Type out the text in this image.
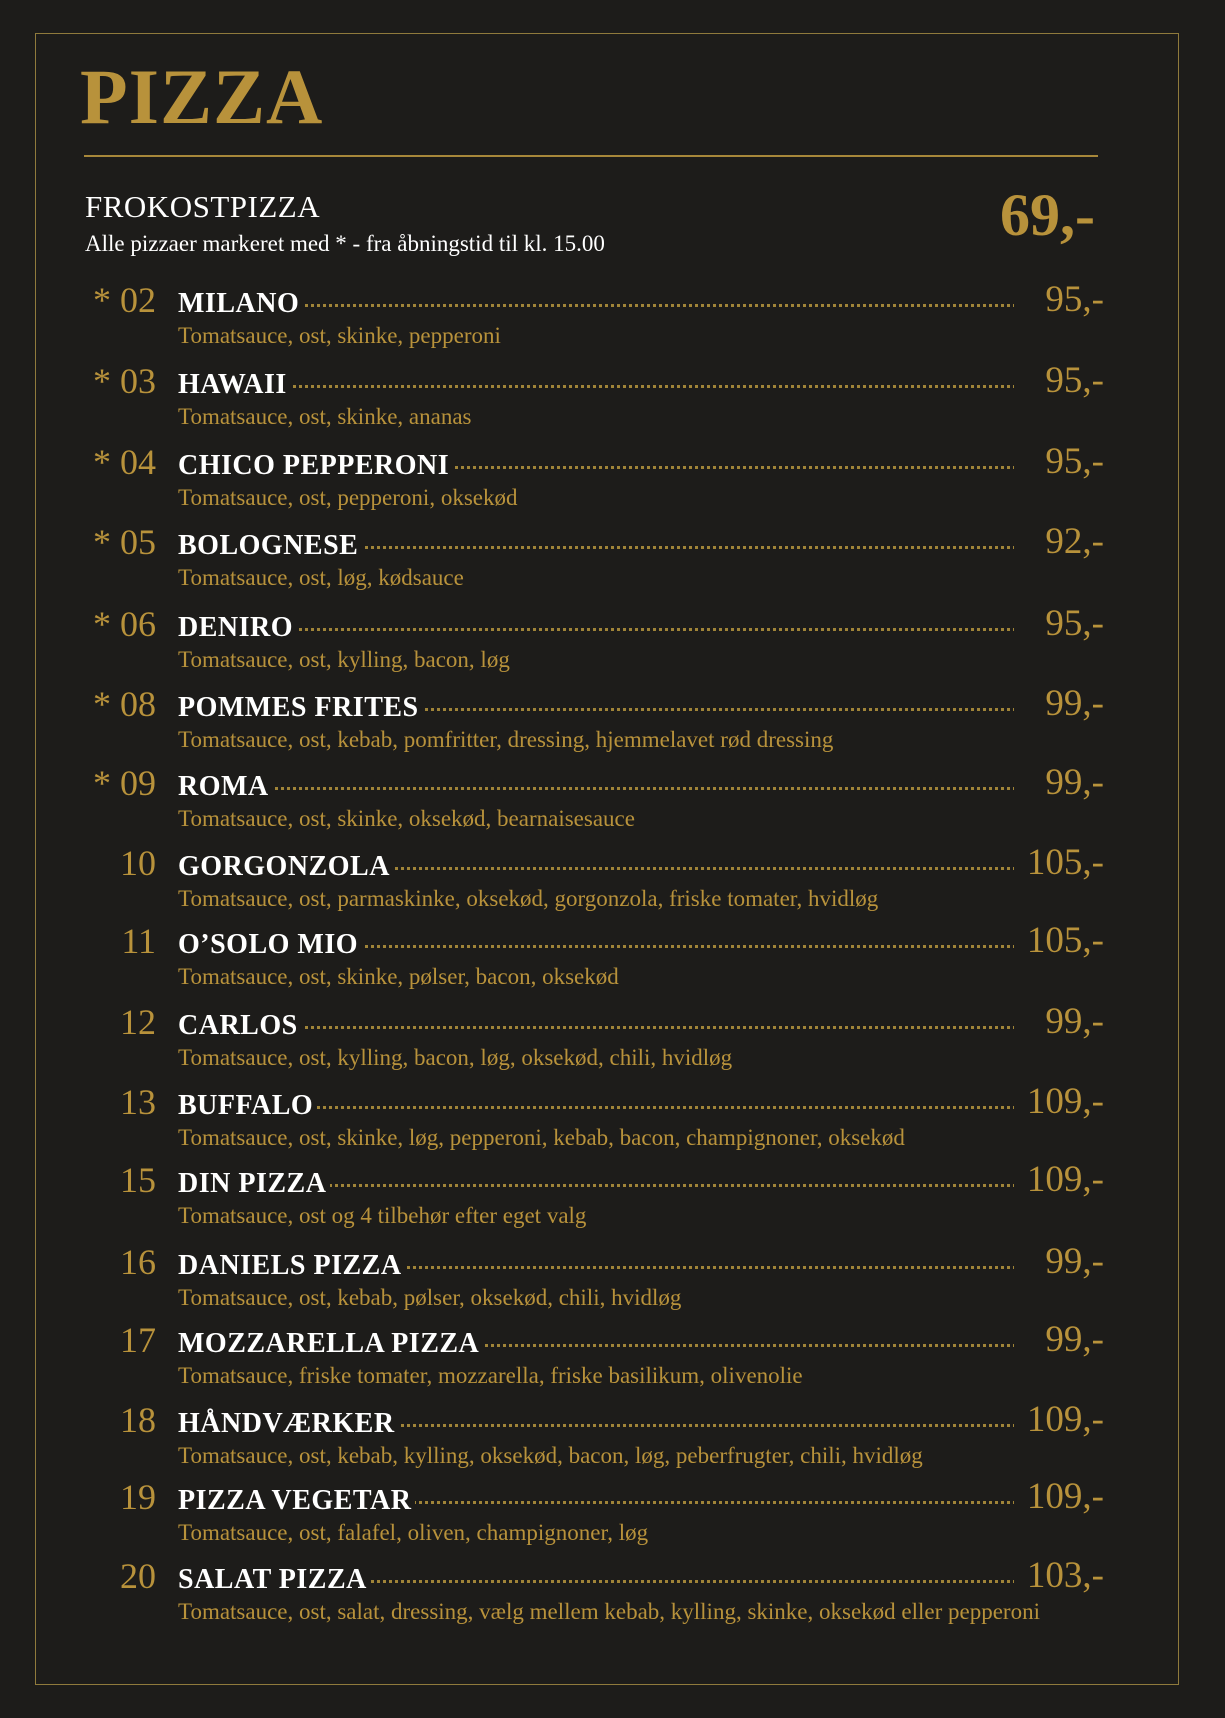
PIZZA
FROKOSTPIZZA
Alle pizzaer markeret med * - fra åbningstid til kl. 15.00	69,-
* 02 MILANO	95,-
Tomatsauce, ost, skinke, pepperoni
* 03 HAWAII	95,-
Tomatsauce, ost, skinke, ananas
* 04 CHICO PEPPERONI	95,-
Tomatsauce, ost, pepperoni, oksekød
* 05 BOLOGNESE	92,-
Tomatsauce, ost, løg, kødsauce
* 06 DENIRO	95,-
Tomatsauce, ost, kylling, bacon, løg
* 08 POMMES FRITES	99,-
Tomatsauce, ost, kebab, pomfritter, dressing, hjemmelavet rød dressing
* 09 ROMA	99,-
Tomatsauce, ost, skinke, oksekød, bearnaisesauce
10 GORGONZOLA	105,-
Tomatsauce, ost, parmaskinke, oksekød, gorgonzola, friske tomater, hvidløg
11 O’SOLO MIO	105,-
Tomatsauce, ost, skinke, pølser, bacon, oksekød
12 CARLOS	99,-
Tomatsauce, ost, kylling, bacon, løg, oksekød, chili, hvidløg
13 BUFFALO	109,-
Tomatsauce, ost, skinke, løg, pepperoni, kebab, bacon, champignoner, oksekød
15 DIN PIZZA	109,-
Tomatsauce, ost og 4 tilbehør efter eget valg
16 DANIELS PIZZA	99,-
Tomatsauce, ost, kebab, pølser, oksekød, chili, hvidløg
17 MOZZARELLA PIZZA	99,-
Tomatsauce, friske tomater, mozzarella, friske basilikum, olivenolie
18 HÅNDVÆRKER	109,-
Tomatsauce, ost, kebab, kylling, oksekød, bacon, løg, peberfrugter, chili, hvidløg
19 PIZZA VEGETAR	109,-
Tomatsauce, ost, falafel, oliven, champignoner, løg
20 SALAT PIZZA	103,-
Tomatsauce, ost, salat, dressing, vælg mellem kebab, kylling, skinke, oksekød eller pepperoni
